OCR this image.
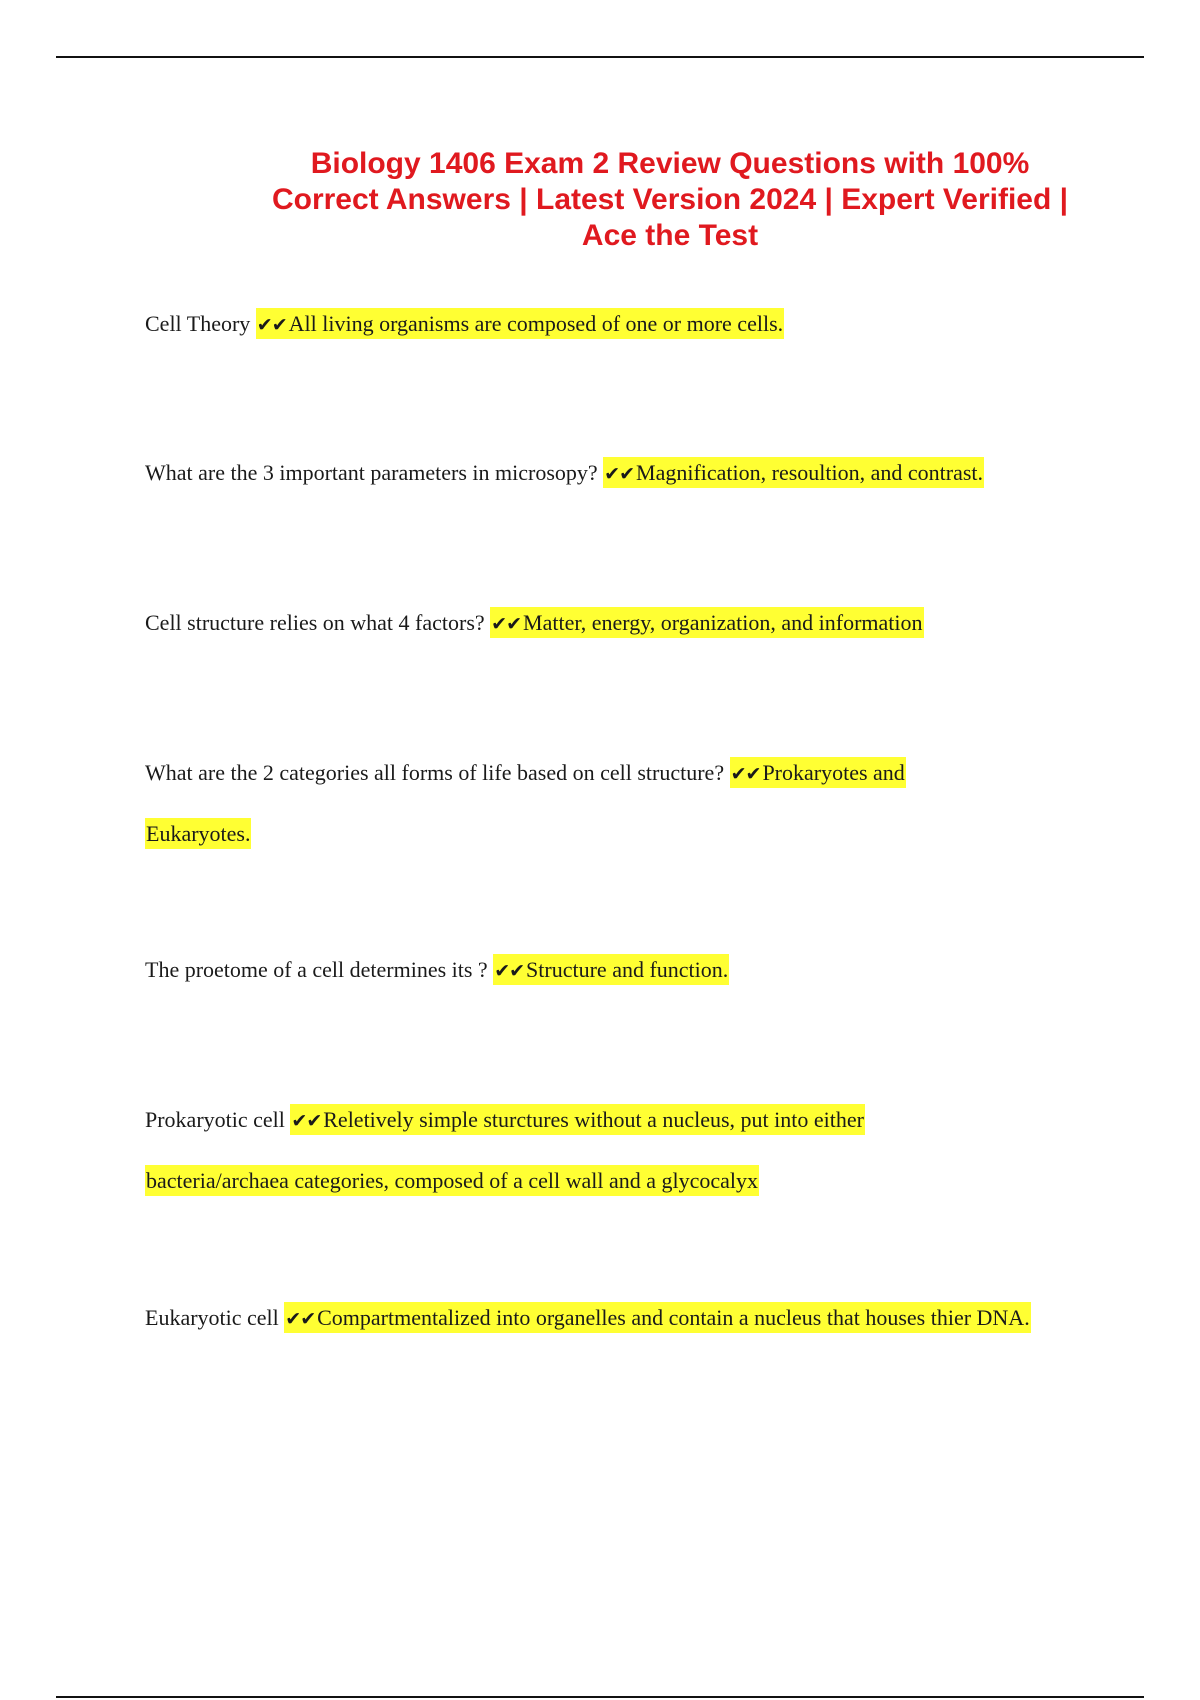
Biology 1406 Exam 2 Review Questions with 100% Correct Answers | Latest Version 2024 | Expert Verified | Ace the Test

Cell Theory ✔✔All living organisms are composed of one or more cells.

What are the 3 important parameters in microsopy? ✔✔Magnification, resoultion, and contrast.

Cell structure relies on what 4 factors? ✔✔Matter, energy, organization, and information

What are the 2 categories all forms of life based on cell structure? ✔✔Prokaryotes and Eukaryotes.

The proetome of a cell determines its ? ✔✔Structure and function.

Prokaryotic cell ✔✔Reletively simple sturctures without a nucleus, put into either bacteria/archaea categories, composed of a cell wall and a glycocalyx

Eukaryotic cell ✔✔Compartmentalized into organelles and contain a nucleus that houses thier DNA.
